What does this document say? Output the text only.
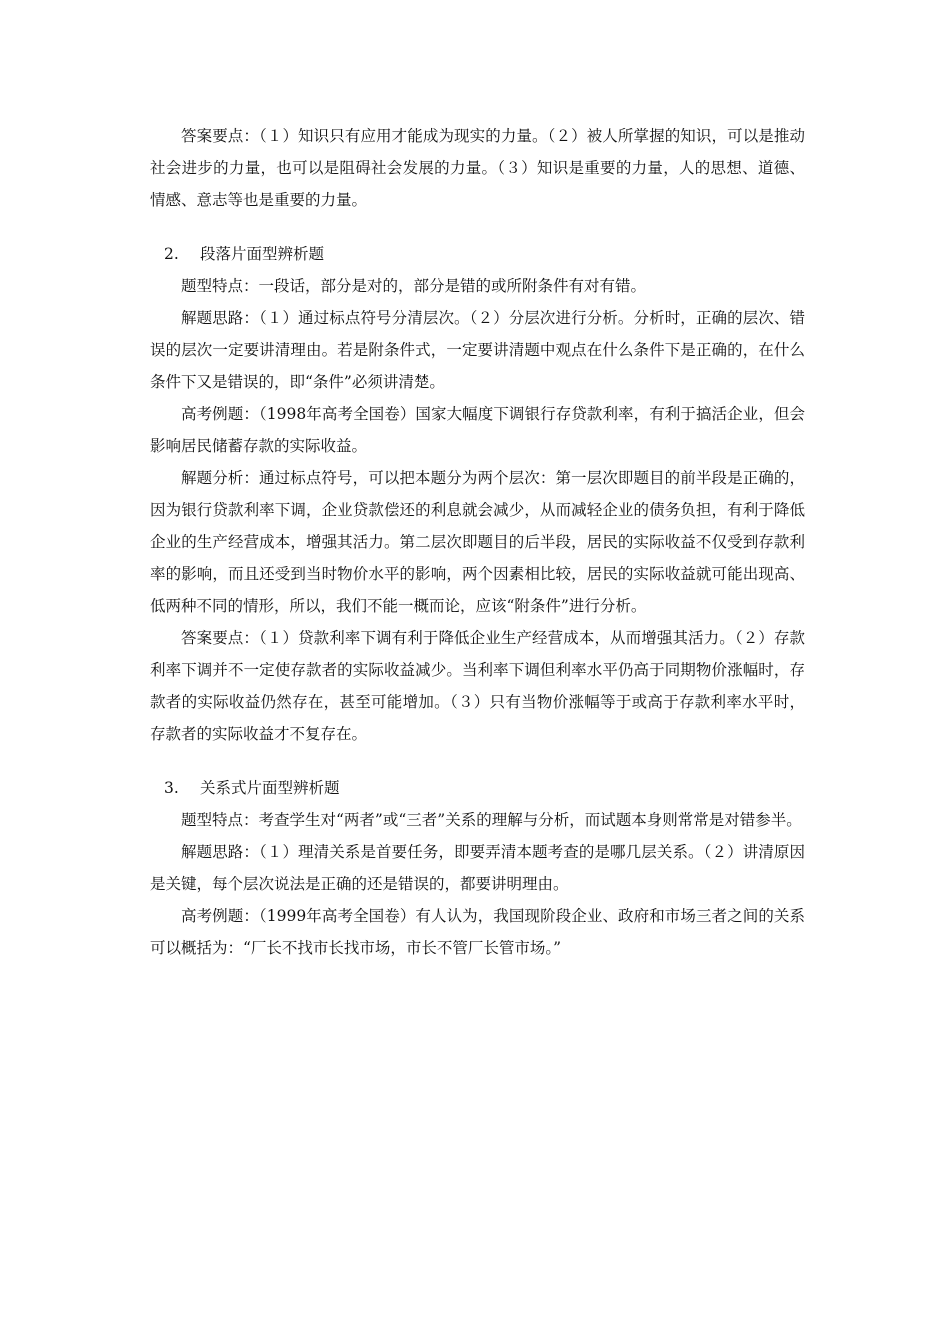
答案要点：（１）知识只有应用才能成为现实的力量。（２）被人所掌握的知识，可以是推动社会进步的力量，也可以是阻碍社会发展的力量。（３）知识是重要的力量，人的思想、道德、情感、意志等也是重要的力量。

2. 段落片面型辨析题

题型特点：一段话，部分是对的，部分是错的或所附条件有对有错。

解题思路：（１）通过标点符号分清层次。（２）分层次进行分析。分析时，正确的层次、错误的层次一定要讲清理由。若是附条件式，一定要讲清题中观点在什么条件下是正确的，在什么条件下又是错误的，即“条件”必须讲清楚。

高考例题：（1998年高考全国卷）国家大幅度下调银行存贷款利率，有利于搞活企业，但会影响居民储蓄存款的实际收益。

解题分析：通过标点符号，可以把本题分为两个层次：第一层次即题目的前半段是正确的，因为银行贷款利率下调，企业贷款偿还的利息就会减少，从而减轻企业的债务负担，有利于降低企业的生产经营成本，增强其活力。第二层次即题目的后半段，居民的实际收益不仅受到存款利率的影响，而且还受到当时物价水平的影响，两个因素相比较，居民的实际收益就可能出现高、低两种不同的情形，所以，我们不能一概而论，应该“附条件”进行分析。

答案要点：（１）贷款利率下调有利于降低企业生产经营成本，从而增强其活力。（２）存款利率下调并不一定使存款者的实际收益减少。当利率下调但利率水平仍高于同期物价涨幅时，存款者的实际收益仍然存在，甚至可能增加。（３）只有当物价涨幅等于或高于存款利率水平时，存款者的实际收益才不复存在。

3. 关系式片面型辨析题

题型特点：考查学生对“两者”或“三者”关系的理解与分析，而试题本身则常常是对错参半。

解题思路：（１）理清关系是首要任务，即要弄清本题考查的是哪几层关系。（２）讲清原因是关键，每个层次说法是正确的还是错误的，都要讲明理由。

高考例题：（1999年高考全国卷）有人认为，我国现阶段企业、政府和市场三者之间的关系可以概括为：“厂长不找市长找市场，市长不管厂长管市场。”
